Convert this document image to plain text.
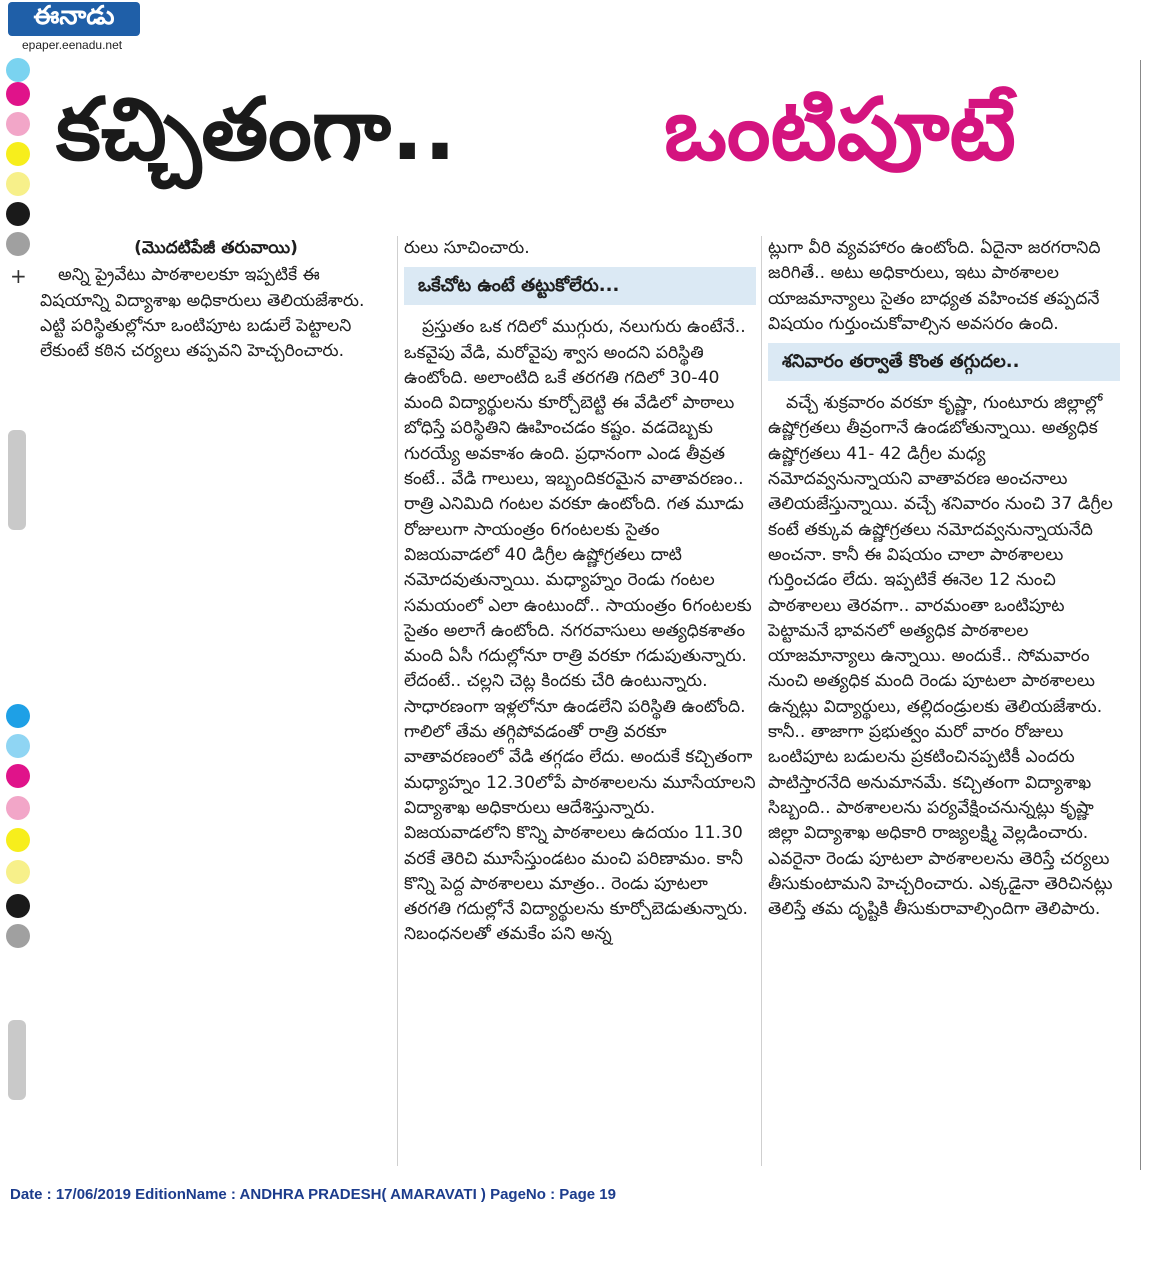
ఈనాడు
epaper.eenadu.net
+
కచ్చితంగా.. ఒంటిపూటే
(మొదటిపేజీ తరువాయి)

అన్ని ప్రైవేటు పాఠశాలలకూ ఇప్పటికే ఈ విషయాన్ని విద్యాశాఖ అధికారులు తెలియజేశారు. ఎట్టి పరిస్థితుల్లోనూ ఒంటిపూట బడులే పెట్టాలని లేకుంటే కఠిన చర్యలు తప్పవని హెచ్చరించారు.

రులు సూచించారు.

ఒకేచోట ఉంటే తట్టుకోలేరు...

ప్రస్తుతం ఒక గదిలో ముగ్గురు, నలుగురు ఉంటేనే.. ఒకవైపు వేడి, మరోవైపు శ్వాస అందని పరిస్థితి ఉంటోంది. అలాంటిది ఒకే తరగతి గదిలో 30-40 మంది విద్యార్థులను కూర్చోబెట్టి ఈ వేడిలో పాఠాలు బోధిస్తే పరిస్థితిని ఊహించడం కష్టం. వడదెబ్బకు గురయ్యే అవకాశం ఉంది. ప్రధానంగా ఎండ తీవ్రత కంటే.. వేడి గాలులు, ఇబ్బందికరమైన వాతావరణం.. రాత్రి ఎనిమిది గంటల వరకూ ఉంటోంది. గత మూడు రోజులుగా సాయంత్రం 6గంటలకు సైతం విజయవాడలో 40 డిగ్రీల ఉష్ణోగ్రతలు దాటి నమోదవుతున్నాయి. మధ్యాహ్నం రెండు గంటల సమయంలో ఎలా ఉంటుందో.. సాయంత్రం 6గంటలకు సైతం అలాగే ఉంటోంది. నగరవాసులు అత్యధికశాతం మంది ఏసీ గదుల్లోనూ రాత్రి వరకూ గడుపుతున్నారు. లేదంటే.. చల్లని చెట్ల కిందకు చేరి ఉంటున్నారు. సాధారణంగా ఇళ్లలోనూ ఉండలేని పరిస్థితి ఉంటోంది. గాలిలో తేమ తగ్గిపోవడంతో రాత్రి వరకూ వాతావరణంలో వేడి తగ్గడం లేదు. అందుకే కచ్చితంగా మధ్యాహ్నం 12.30లోపే పాఠశాలలను మూసేయాలని విద్యాశాఖ అధికారులు ఆదేశిస్తున్నారు. విజయవాడలోని కొన్ని పాఠశాలలు ఉదయం 11.30 వరకే తెరిచి మూసేస్తుండటం మంచి పరిణామం. కానీ కొన్ని పెద్ద పాఠశాలలు మాత్రం.. రెండు పూటలా తరగతి గదుల్లోనే విద్యార్థులను కూర్చోబెడుతున్నారు. నిబంధనలతో తమకేం పని అన్న

ట్లుగా వీరి వ్యవహారం ఉంటోంది. ఏదైనా జరగరానిది జరిగితే.. అటు అధికారులు, ఇటు పాఠశాలల యాజమాన్యాలు సైతం బాధ్యత వహించక తప్పదనే విషయం గుర్తుంచుకోవాల్సిన అవసరం ఉంది.

శనివారం తర్వాతే కొంత తగ్గుదల..

వచ్చే శుక్రవారం వరకూ కృష్ణా, గుంటూరు జిల్లాల్లో ఉష్ణోగ్రతలు తీవ్రంగానే ఉండబోతున్నాయి. అత్యధిక ఉష్ణోగ్రతలు 41- 42 డిగ్రీల మధ్య నమోదవ్వనున్నాయని వాతావరణ అంచనాలు తెలియజేస్తున్నాయి. వచ్చే శనివారం నుంచి 37 డిగ్రీల కంటే తక్కువ ఉష్ణోగ్రతలు నమోదవ్వనున్నాయనేది అంచనా. కానీ ఈ విషయం చాలా పాఠశాలలు గుర్తించడం లేదు. ఇప్పటికే ఈనెల 12 నుంచి పాఠశాలలు తెరవగా.. వారమంతా ఒంటిపూట పెట్టామనే భావనలో అత్యధిక పాఠశాలల యాజమాన్యాలు ఉన్నాయి. అందుకే.. సోమవారం నుంచి అత్యధిక మంది రెండు పూటలా పాఠశాలలు ఉన్నట్లు విద్యార్థులు, తల్లిదండ్రులకు తెలియజేశారు. కానీ.. తాజాగా ప్రభుత్వం మరో వారం రోజులు ఒంటిపూట బడులను ప్రకటించినప్పటికీ ఎందరు పాటిస్తారనేది అనుమానమే. కచ్చితంగా విద్యాశాఖ సిబ్బంది.. పాఠశాలలను పర్యవేక్షించనున్నట్లు కృష్ణా జిల్లా విద్యాశాఖ అధికారి రాజ్యలక్ష్మి వెల్లడించారు. ఎవరైనా రెండు పూటలా పాఠశాలలను తెరిస్తే చర్యలు తీసుకుంటామని హెచ్చరించారు. ఎక్కడైనా తెరిచినట్లు తెలిస్తే తమ దృష్టికి తీసుకురావాల్సిందిగా తెలిపారు.

Date : 17/06/2019 EditionName : ANDHRA PRADESH( AMARAVATI ) PageNo : Page 19
